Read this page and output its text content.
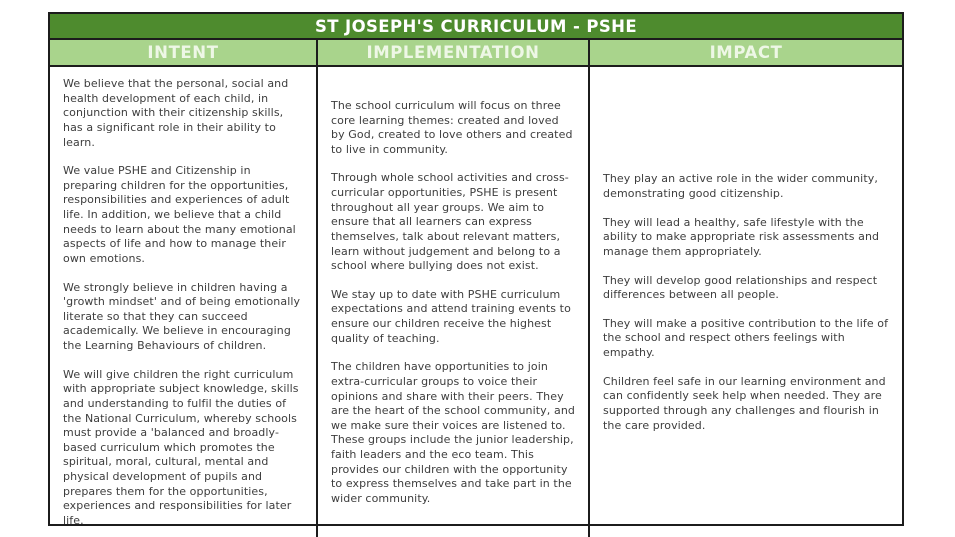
ST JOSEPH'S CURRICULUM - PSHE
INTENT	IMPLEMENTATION	IMPACT

We believe that the personal, social and health development of each child, in conjunction with their citizenship skills, has a significant role in their ability to learn.

We value PSHE and Citizenship in preparing children for the opportunities, responsibilities and experiences of adult life. In addition, we believe that a child needs to learn about the many emotional aspects of life and how to manage their own emotions.

We strongly believe in children having a 'growth mindset' and of being emotionally literate so that they can succeed academically. We believe in encouraging the Learning Behaviours of children.

We will give children the right curriculum with appropriate subject knowledge, skills and understanding to fulfil the duties of the National Curriculum, whereby schools must provide a 'balanced and broadly-based curriculum which promotes the spiritual, moral, cultural, mental and physical development of pupils and prepares them for the opportunities, experiences and responsibilities for later life.

The school curriculum will focus on three core learning themes: created and loved by God, created to love others and created to live in community.

Through whole school activities and cross-curricular opportunities, PSHE is present throughout all year groups. We aim to ensure that all learners can express themselves, talk about relevant matters, learn without judgement and belong to a school where bullying does not exist.

We stay up to date with PSHE curriculum expectations and attend training events to ensure our children receive the highest quality of teaching.

The children have opportunities to join extra-curricular groups to voice their opinions and share with their peers. They are the heart of the school community, and we make sure their voices are listened to. These groups include the junior leadership, faith leaders and the eco team. This provides our children with the opportunity to express themselves and take part in the wider community.

They play an active role in the wider community, demonstrating good citizenship.

They will lead a healthy, safe lifestyle with the ability to make appropriate risk assessments and manage them appropriately.

They will develop good relationships and respect differences between all people.

They will make a positive contribution to the life of the school and respect others feelings with empathy.

Children feel safe in our learning environment and can confidently seek help when needed. They are supported through any challenges and flourish in the care provided.
